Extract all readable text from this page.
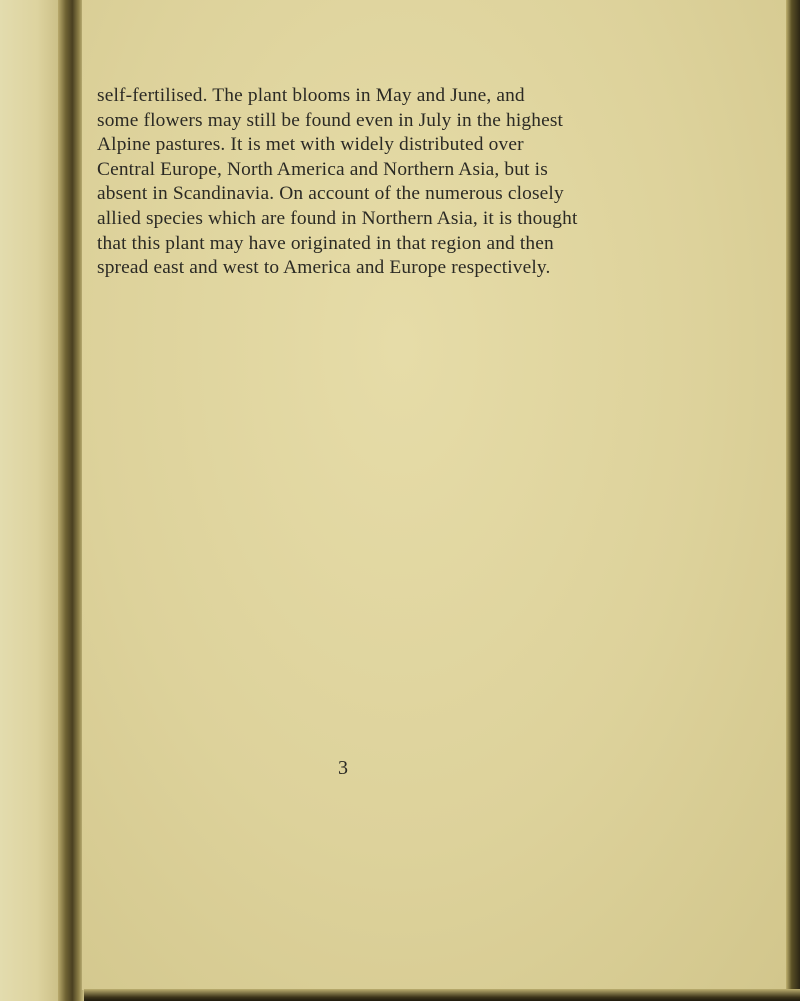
self-fertilised. The plant blooms in May and June, and
some flowers may still be found even in July in the highest
Alpine pastures. It is met with widely distributed over
Central Europe, North America and Northern Asia, but is
absent in Scandinavia. On account of the numerous closely
allied species which are found in Northern Asia, it is thought
that this plant may have originated in that region and then
spread east and west to America and Europe respectively.

3
